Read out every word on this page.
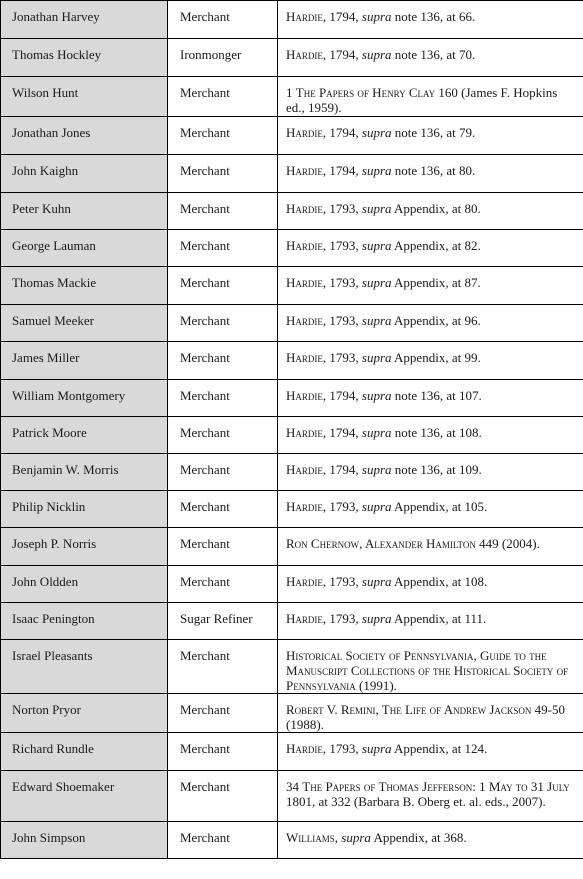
Jonathan Harvey	Merchant	Hardie, 1794, supra note 136, at 66.
Thomas Hockley	Ironmonger	Hardie, 1794, supra note 136, at 70.
Wilson Hunt	Merchant	1 The Papers of Henry Clay 160 (James F. Hopkins ed., 1959).
Jonathan Jones	Merchant	Hardie, 1794, supra note 136, at 79.
John Kaighn	Merchant	Hardie, 1794, supra note 136, at 80.
Peter Kuhn	Merchant	Hardie, 1793, supra Appendix, at 80.
George Lauman	Merchant	Hardie, 1793, supra Appendix, at 82.
Thomas Mackie	Merchant	Hardie, 1793, supra Appendix, at 87.
Samuel Meeker	Merchant	Hardie, 1793, supra Appendix, at 96.
James Miller	Merchant	Hardie, 1793, supra Appendix, at 99.
William Montgomery	Merchant	Hardie, 1794, supra note 136, at 107.
Patrick Moore	Merchant	Hardie, 1794, supra note 136, at 108.
Benjamin W. Morris	Merchant	Hardie, 1794, supra note 136, at 109.
Philip Nicklin	Merchant	Hardie, 1793, supra Appendix, at 105.
Joseph P. Norris	Merchant	Ron Chernow, Alexander Hamilton 449 (2004).
John Oldden	Merchant	Hardie, 1793, supra Appendix, at 108.
Isaac Penington	Sugar Refiner	Hardie, 1793, supra Appendix, at 111.
Israel Pleasants	Merchant	Historical Society of Pennsylvania, Guide to the Manuscript Collections of the Historical Society of Pennsylvania (1991).
Norton Pryor	Merchant	Robert V. Remini, The Life of Andrew Jackson 49-50 (1988).
Richard Rundle	Merchant	Hardie, 1793, supra Appendix, at 124.
Edward Shoemaker	Merchant	34 The Papers of Thomas Jefferson: 1 May to 31 July 1801, at 332 (Barbara B. Oberg et. al. eds., 2007).
John Simpson	Merchant	Williams, supra Appendix, at 368.
